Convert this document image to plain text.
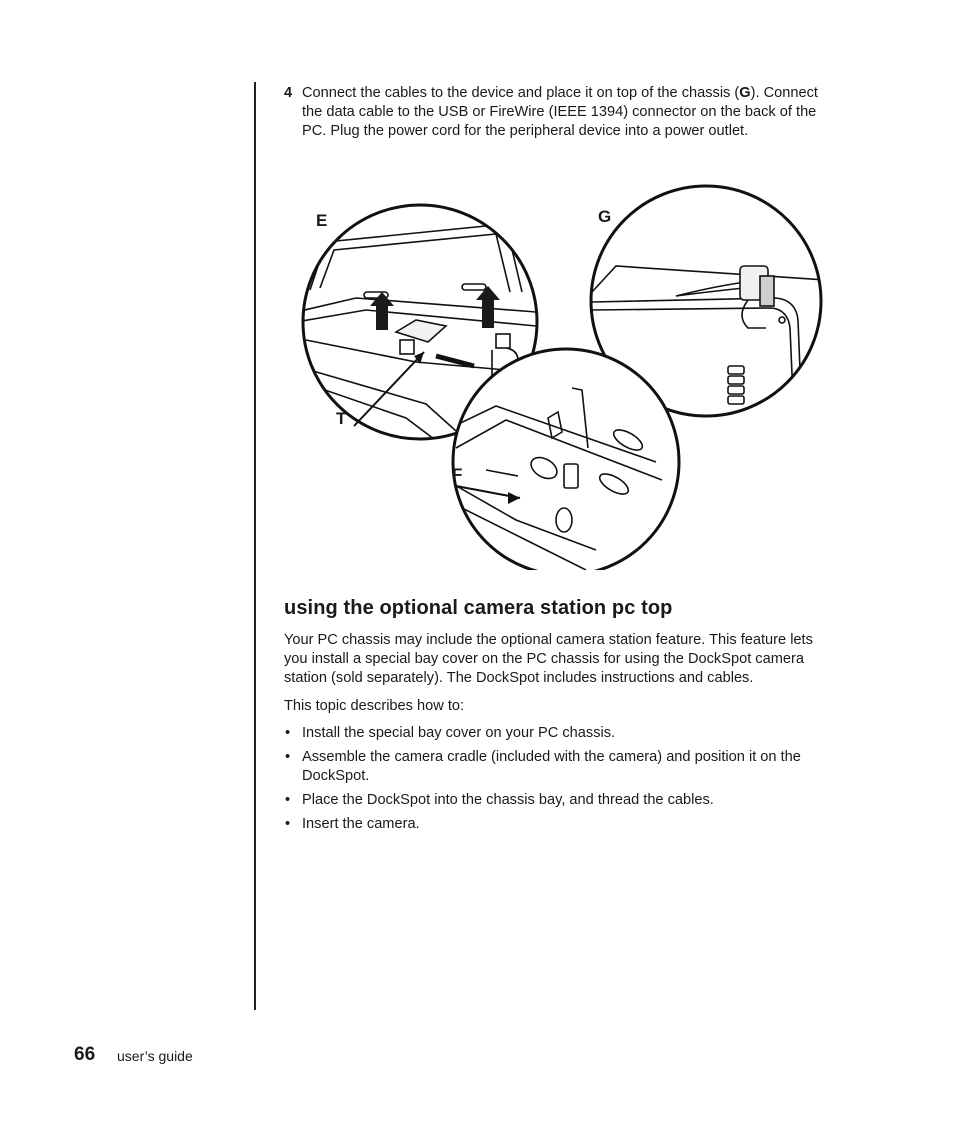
4 Connect the cables to the device and place it on top of the chassis (G). Connect the data cable to the USB or FireWire (IEEE 1394) connector on the back of the PC. Plug the power cord for the peripheral device into a power outlet.
E	G
T
F
using the optional camera station pc top

Your PC chassis may include the optional camera station feature. This feature lets you install a special bay cover on the PC chassis for using the DockSpot camera station (sold separately). The DockSpot includes instructions and cables.

This topic describes how to:

• Install the special bay cover on your PC chassis.
• Assemble the camera cradle (included with the camera) and position it on the DockSpot.
• Place the DockSpot into the chassis bay, and thread the cables.
• Insert the camera.
66 user’s guide
